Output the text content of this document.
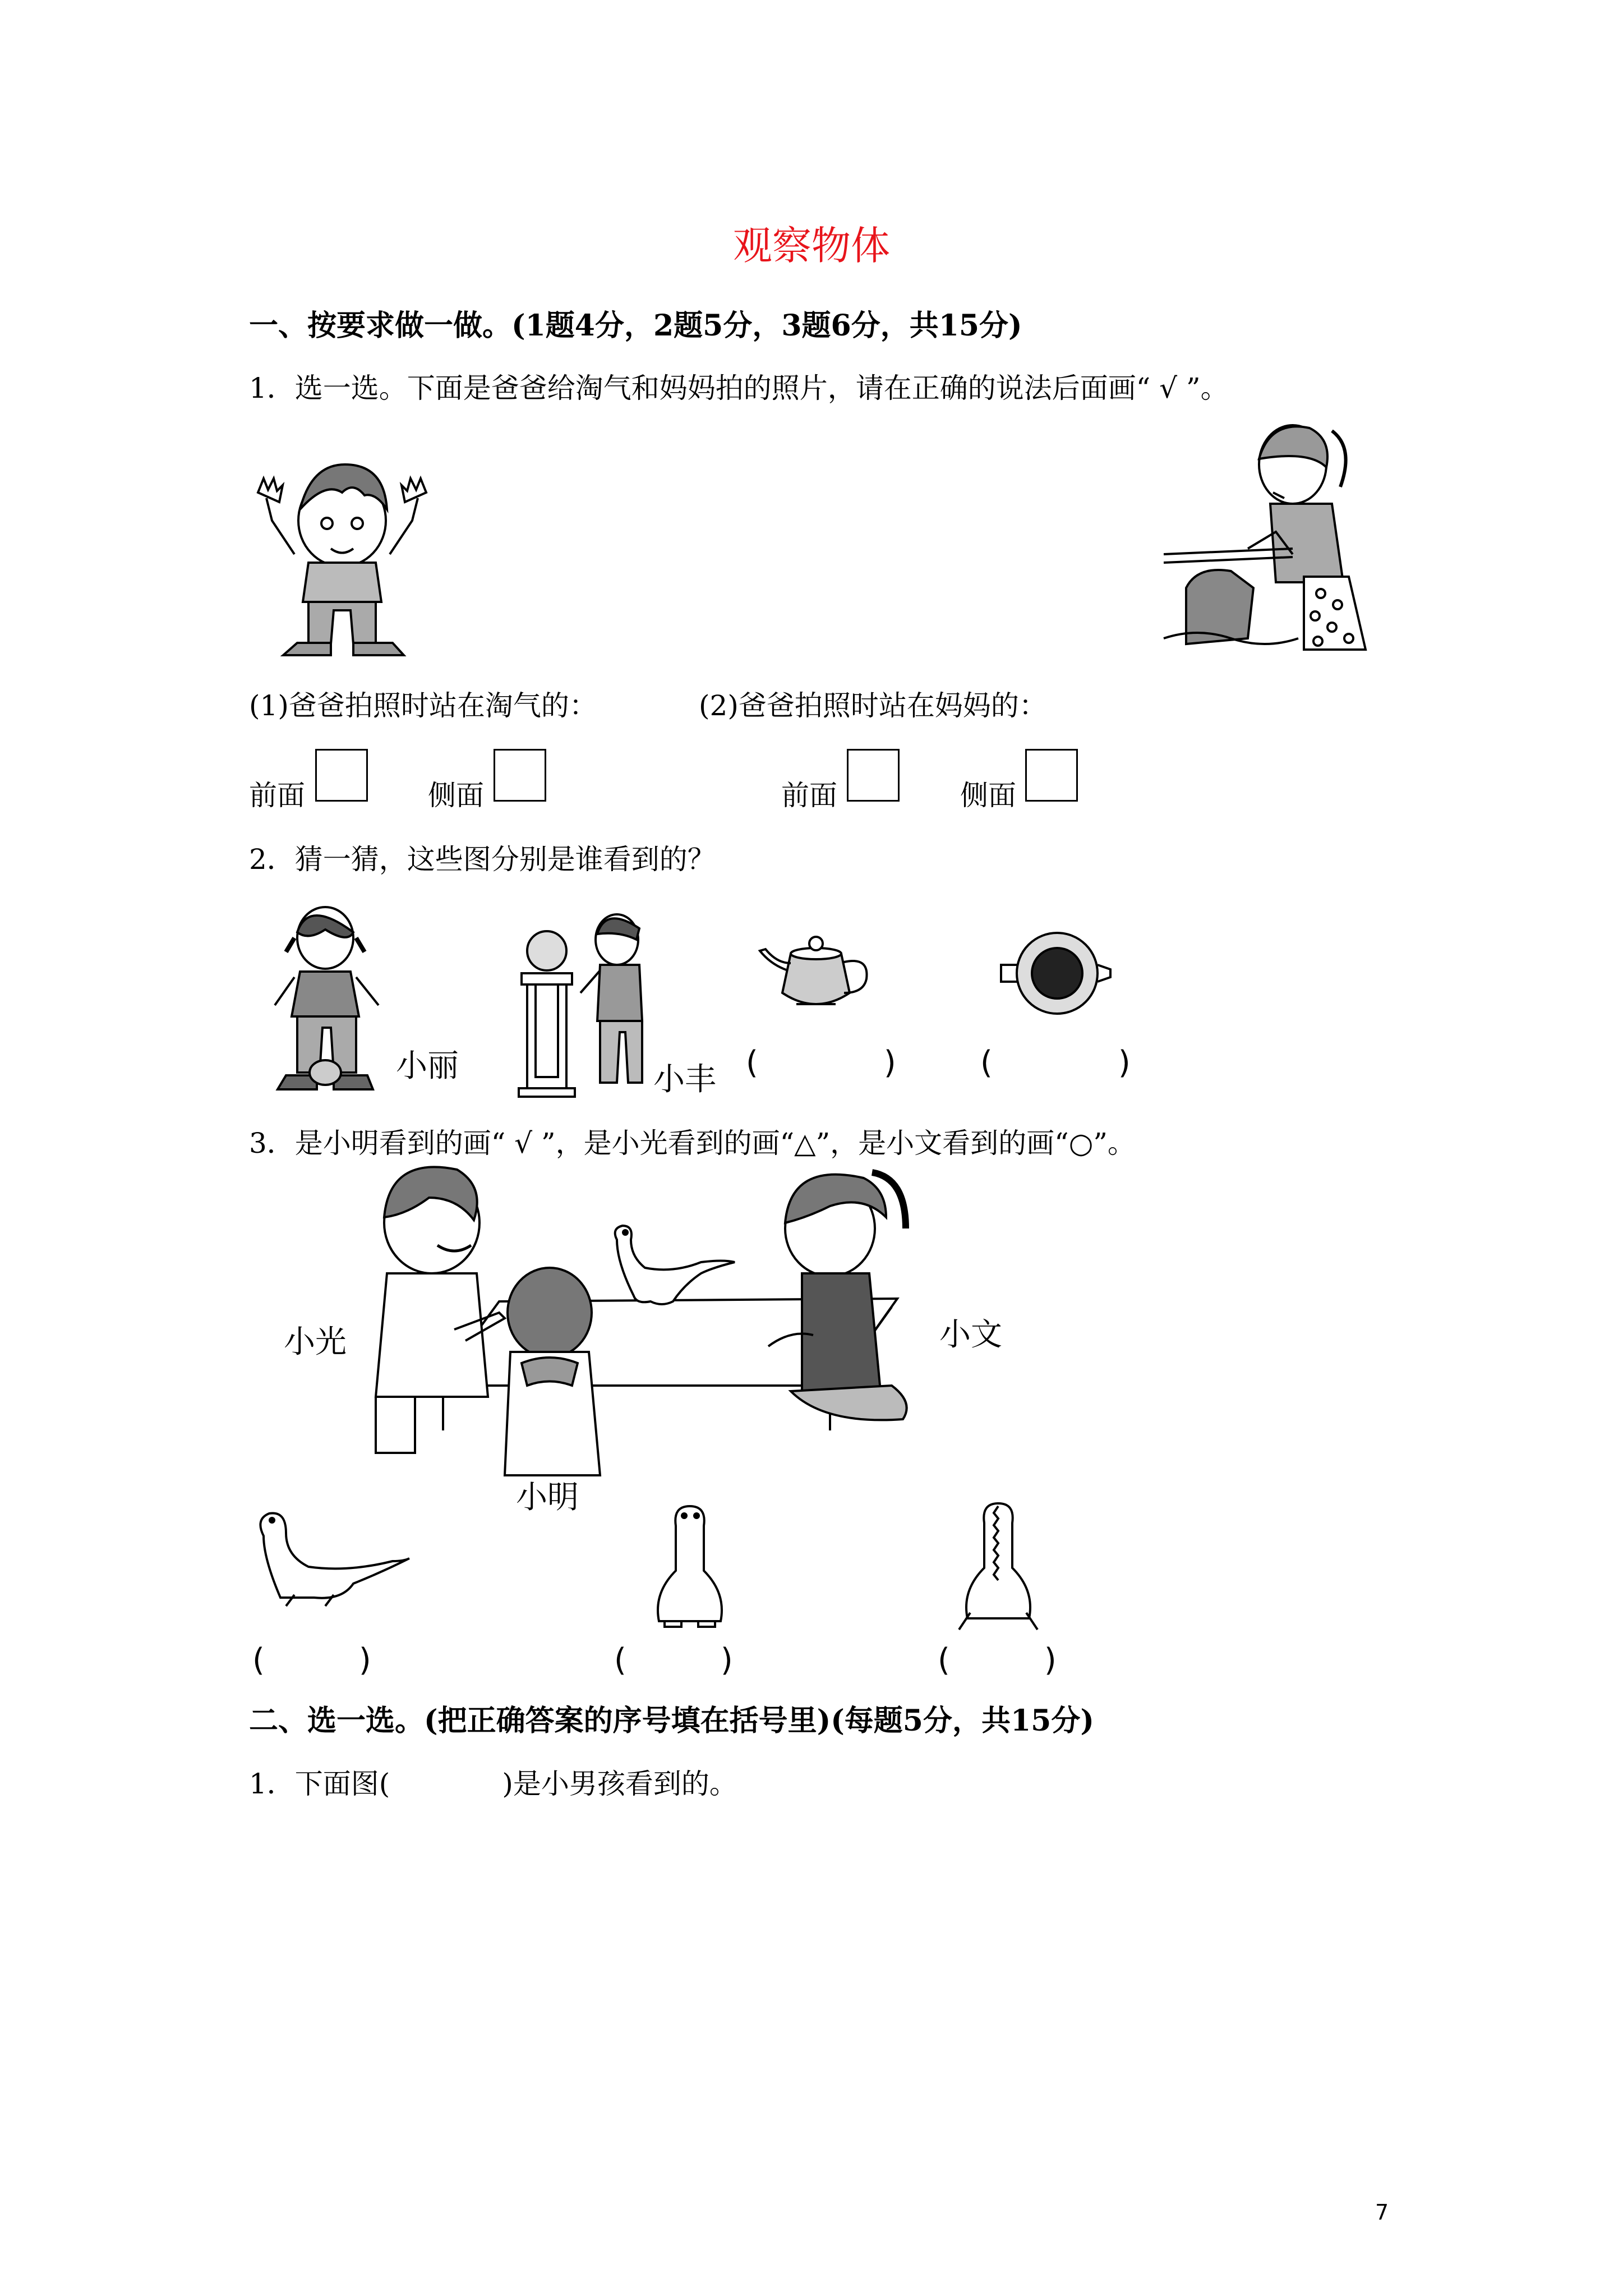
观察物体
一、按要求做一做。(1题4分，2题5分，3题6分，共15分)
1．选一选。下面是爸爸给淘气和妈妈拍的照片，请在正确的说法后面画“ √ ”。
(1)爸爸拍照时站在淘气的：	(2)爸爸拍照时站在妈妈的：
前面	侧面	前面	侧面
2．猜一猜，这些图分别是谁看到的？
小丽	小丰 (　　　　)	(　　　　)
3．是小明看到的画“ √ ”，是小光看到的画“△”，是小文看到的画“○”。
小光	小文
小明
(　　　)	(　　　)	(　　　)
二、选一选。(把正确答案的序号填在括号里)(每题5分，共15分)
1．下面图(　　　　)是小男孩看到的。
7
